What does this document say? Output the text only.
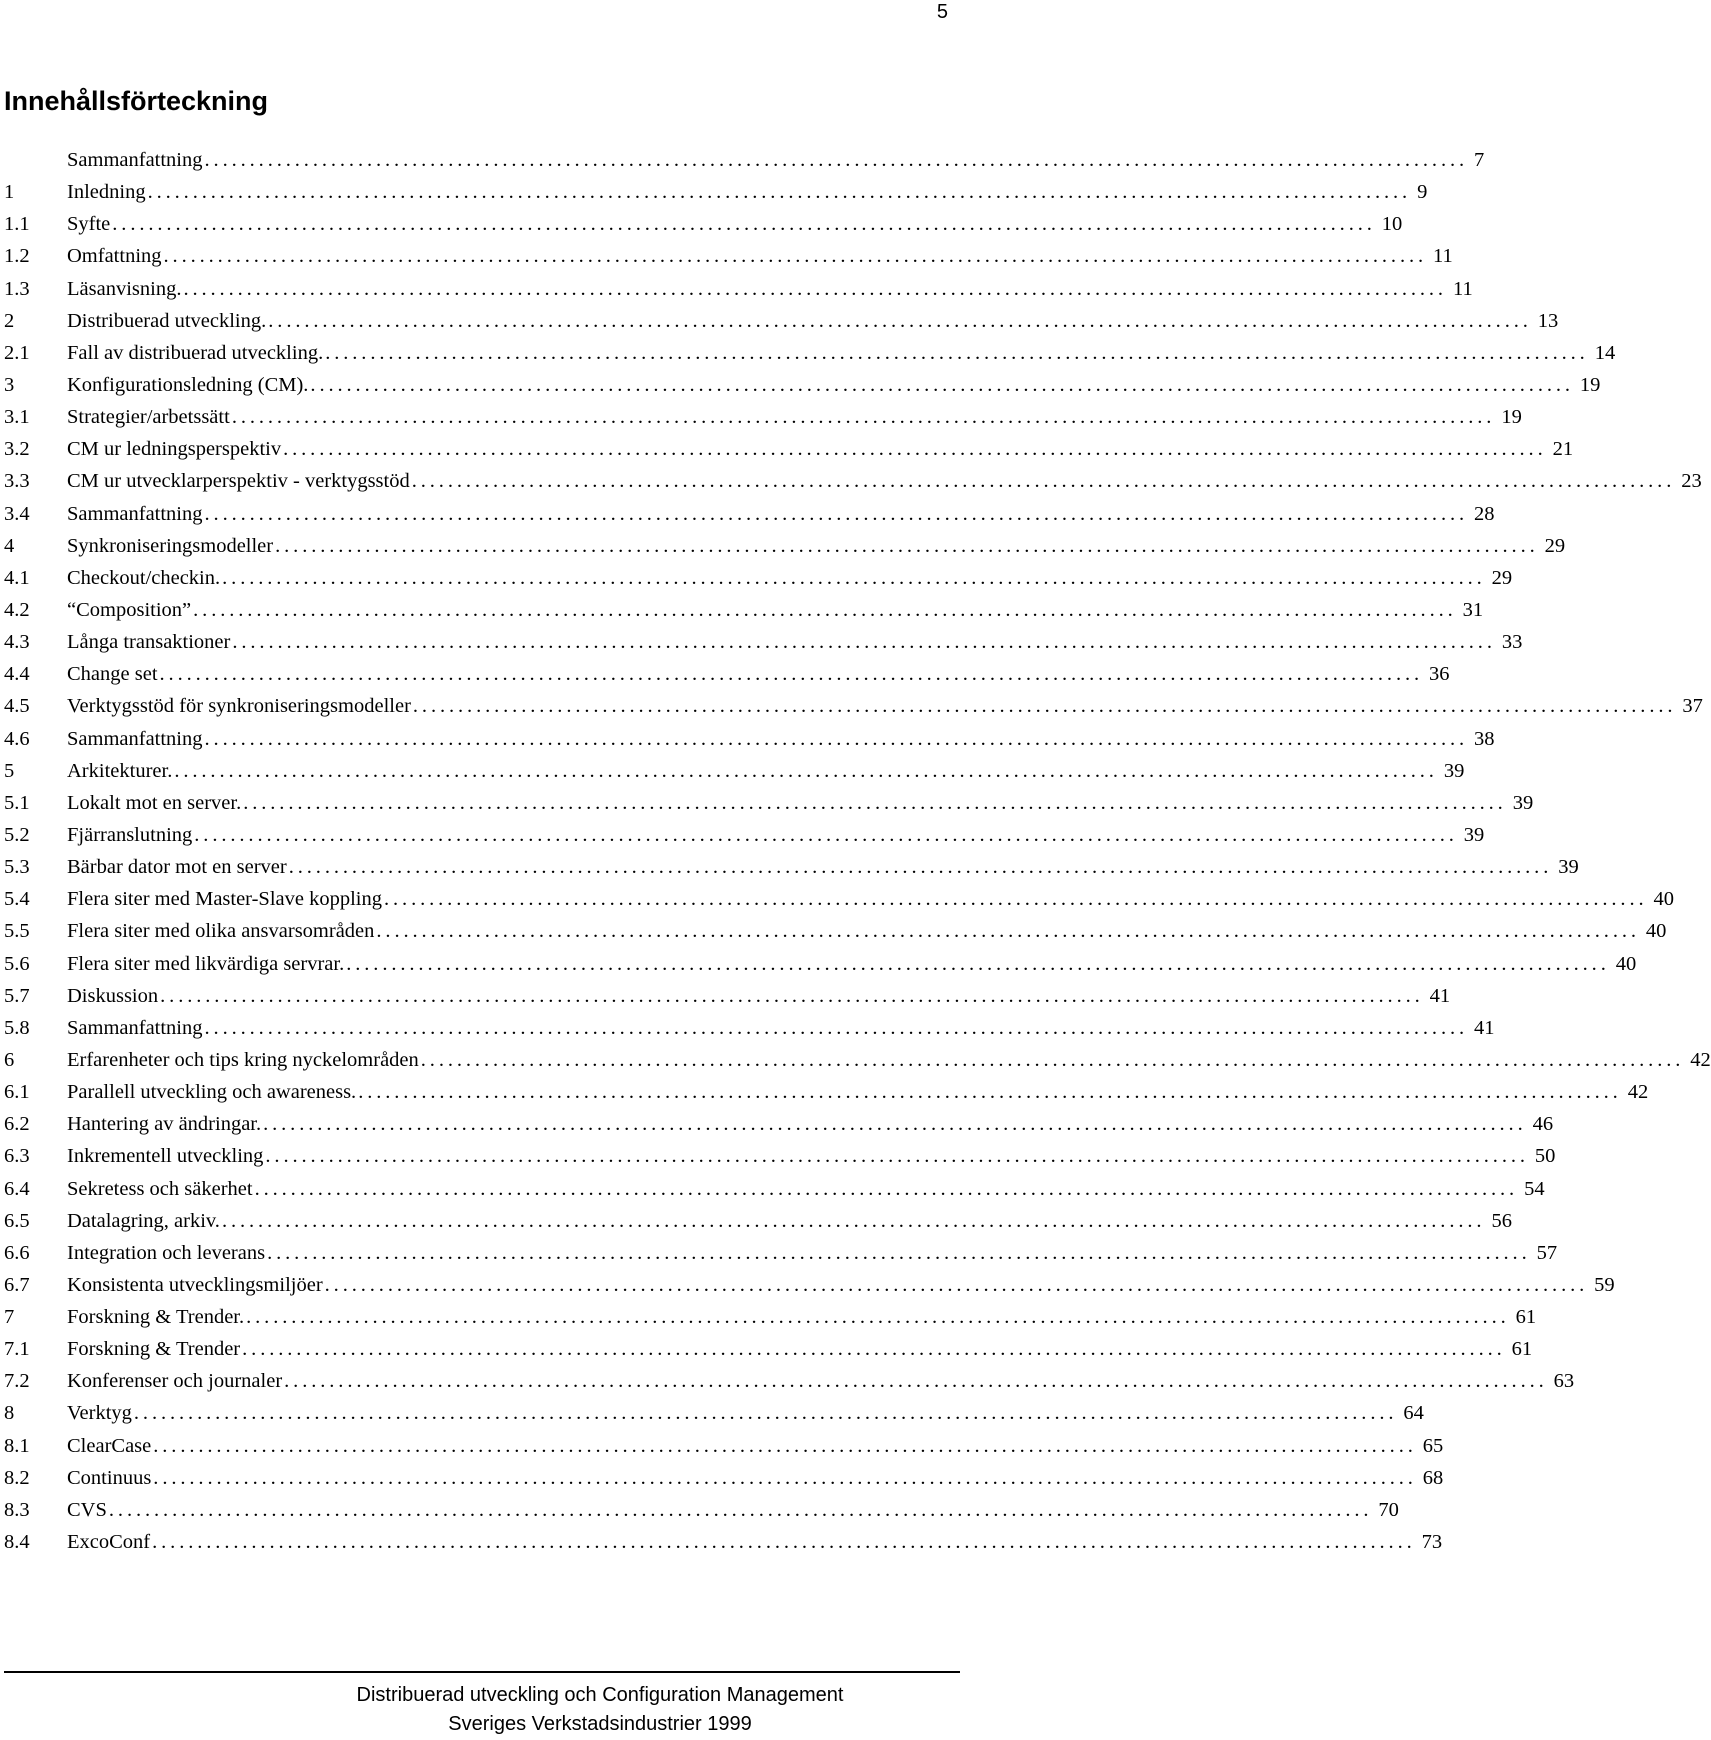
5
Innehållsförteckning
Sammanfattning ............................................................................................................................................ 7
1	Inledning ............................................................................................................................................ 9
1.1 Syfte ............................................................................................................................................ 10
1.2 Omfattning ............................................................................................................................................ 11
1.3 Läsanvisning. ............................................................................................................................................ 11
2	Distribuerad utveckling. ............................................................................................................................................ 13
2.1 Fall av distribuerad utveckling. ............................................................................................................................................ 14
3	Konfigurationsledning (CM). ............................................................................................................................................ 19
3.1 Strategier/arbetssätt ............................................................................................................................................ 19
3.2 CM ur ledningsperspektiv ............................................................................................................................................ 21
3.3 CM ur utvecklarperspektiv - verktygsstöd ............................................................................................................................................ 23
3.4 Sammanfattning ............................................................................................................................................ 28
4	Synkroniseringsmodeller ............................................................................................................................................ 29
4.1 Checkout/checkin. ............................................................................................................................................ 29
4.2 “Composition” ............................................................................................................................................ 31
4.3 Långa transaktioner ............................................................................................................................................ 33
4.4 Change set ............................................................................................................................................ 36
4.5 Verktygsstöd för synkroniseringsmodeller ............................................................................................................................................ 37
4.6 Sammanfattning ............................................................................................................................................ 38
5	Arkitekturer. ............................................................................................................................................ 39
5.1 Lokalt mot en server. ............................................................................................................................................ 39
5.2 Fjärranslutning ............................................................................................................................................ 39
5.3 Bärbar dator mot en server ............................................................................................................................................ 39
5.4 Flera siter med Master-Slave koppling ............................................................................................................................................ 40
5.5 Flera siter med olika ansvarsområden ............................................................................................................................................ 40
5.6 Flera siter med likvärdiga servrar. ............................................................................................................................................ 40
5.7 Diskussion ............................................................................................................................................ 41
5.8 Sammanfattning ............................................................................................................................................ 41
6	Erfarenheter och tips kring nyckelområden ............................................................................................................................................ 42
6.1 Parallell utveckling och awareness. ............................................................................................................................................ 42
6.2 Hantering av ändringar. ............................................................................................................................................ 46
6.3 Inkrementell utveckling ............................................................................................................................................ 50
6.4 Sekretess och säkerhet ............................................................................................................................................ 54
6.5 Datalagring, arkiv. ............................................................................................................................................ 56
6.6 Integration och leverans ............................................................................................................................................ 57
6.7 Konsistenta utvecklingsmiljöer ............................................................................................................................................ 59
7	Forskning & Trender. ............................................................................................................................................ 61
7.1 Forskning & Trender ............................................................................................................................................ 61
7.2 Konferenser och journaler ............................................................................................................................................ 63
8	Verktyg ............................................................................................................................................ 64
8.1 ClearCase ............................................................................................................................................ 65
8.2 Continuus ............................................................................................................................................ 68
8.3 CVS ............................................................................................................................................ 70
8.4 ExcoConf ............................................................................................................................................ 73
Distribuerad utveckling och Configuration Management
Sveriges Verkstadsindustrier 1999
